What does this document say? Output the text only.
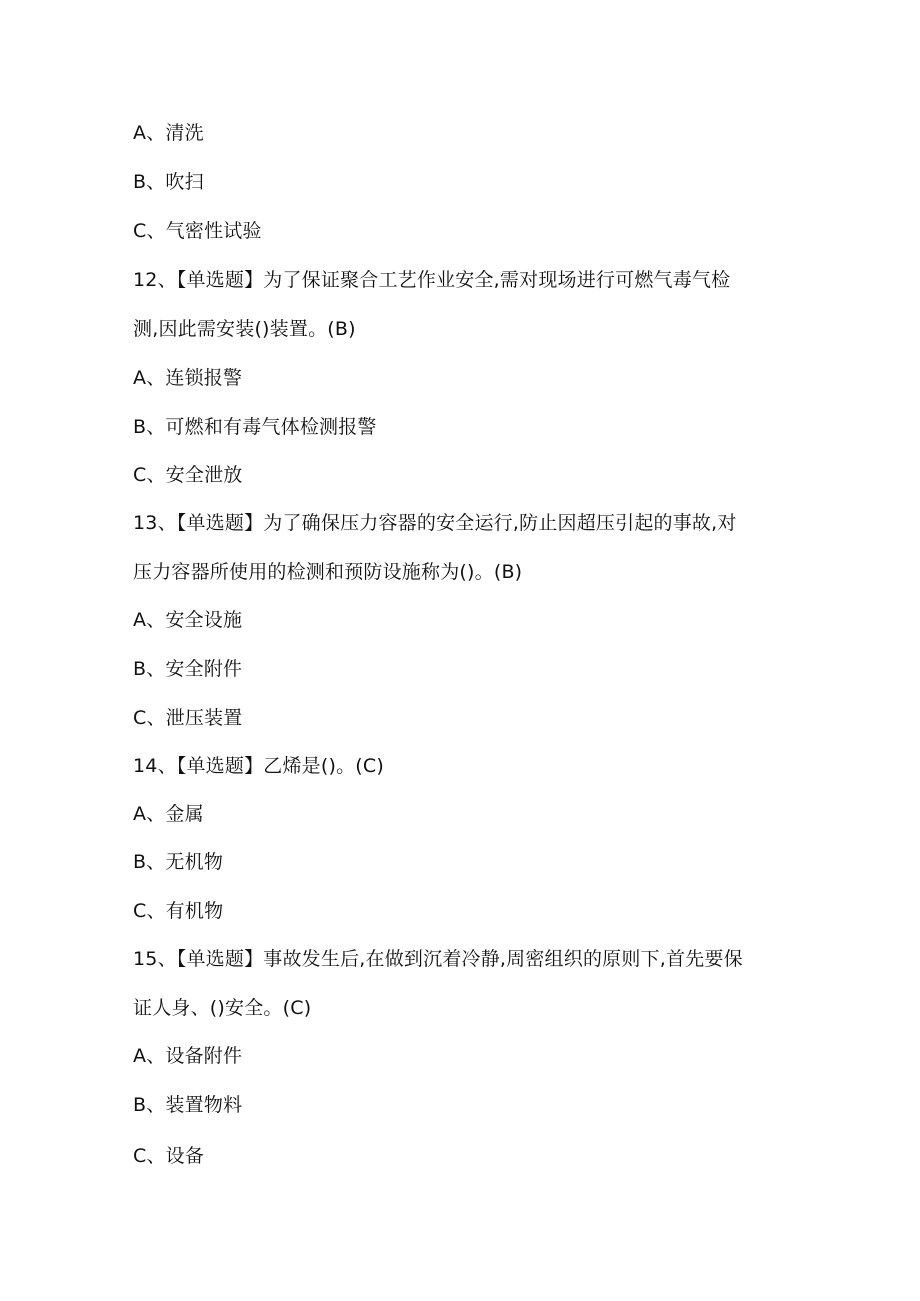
A、清洗
B、吹扫
C、气密性试验
12、【单选题】为了保证聚合工艺作业安全,需对现场进行可燃气毒气检
测,因此需安装()装置。(B)
A、连锁报警
B、可燃和有毒气体检测报警
C、安全泄放
13、【单选题】为了确保压力容器的安全运行,防止因超压引起的事故,对
压力容器所使用的检测和预防设施称为()。(B)
A、安全设施
B、安全附件
C、泄压装置
14、【单选题】乙烯是()。(C)
A、金属
B、无机物
C、有机物
15、【单选题】事故发生后,在做到沉着冷静,周密组织的原则下,首先要保
证人身、()安全。(C)
A、设备附件
B、装置物料
C、设备
